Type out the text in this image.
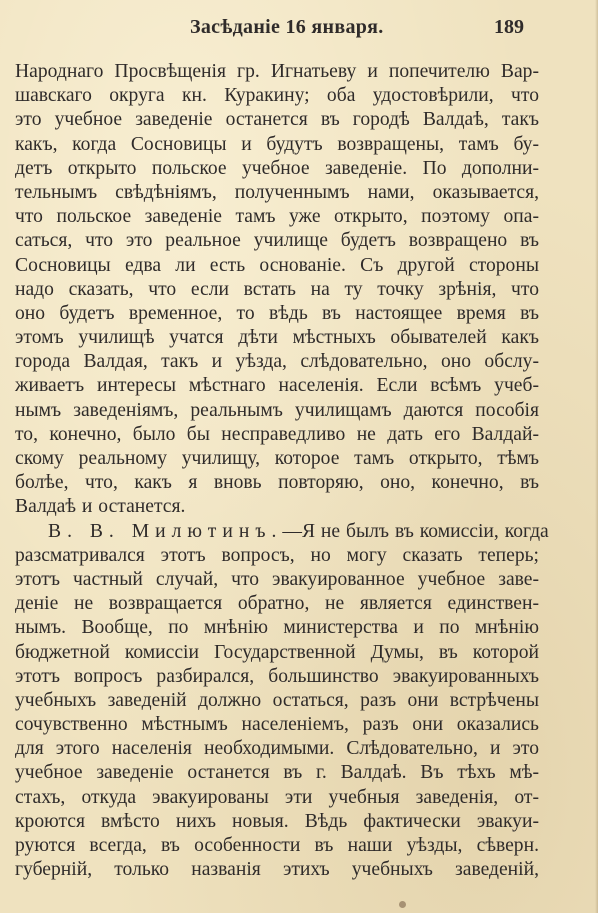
Засѣданіе 16 января.	189
Народнаго Просвѣщенія гр. Игнатьеву и попечителю Вар-
шавскаго округа кн. Куракину; оба удостовѣрили, что
это учебное заведеніе останется въ городѣ Валдаѣ, такъ
какъ, когда Сосновицы и будутъ возвращены, тамъ бу-
детъ открыто польское учебное заведеніе. По дополни-
тельнымъ свѣдѣніямъ, полученнымъ нами, оказывается,
что польское заведеніе тамъ уже открыто, поэтому опа-
саться, что это реальное училище будетъ возвращено въ
Сосновицы едва ли есть основаніе. Съ другой стороны
надо сказать, что если встать на ту точку зрѣнія, что
оно будетъ временное, то вѣдь въ настоящее время въ
этомъ училищѣ учатся дѣти мѣстныхъ обывателей какъ
города Валдая, такъ и уѣзда, слѣдовательно, оно обслу-
живаетъ интересы мѣстнаго населенія. Если всѣмъ учеб-
нымъ заведеніямъ, реальнымъ училищамъ даются пособія
то, конечно, было бы несправедливо не дать его Валдай-
скому реальному училищу, которое тамъ открыто, тѣмъ
болѣе, что, какъ я вновь повторяю, оно, конечно, въ
Валдаѣ и останется.
В. В. Милютинъ.—Я не былъ въ комиссіи, когда
разсматривался этотъ вопросъ, но могу сказать теперь;
этотъ частный случай, что эвакуированное учебное заве-
деніе не возвращается обратно, не является единствен-
нымъ. Вообще, по мнѣнію министерства и по мнѣнію
бюджетной комиссіи Государственной Думы, въ которой
этотъ вопросъ разбирался, большинство эвакуированныхъ
учебныхъ заведеній должно остаться, разъ они встрѣчены
сочувственно мѣстнымъ населеніемъ, разъ они оказались
для этого населенія необходимыми. Слѣдовательно, и это
учебное заведеніе останется въ г. Валдаѣ. Въ тѣхъ мѣ-
стахъ, откуда эвакуированы эти учебныя заведенія, от-
кроются вмѣсто нихъ новыя. Вѣдь фактически эвакуи-
руются всегда, въ особенности въ наши уѣзды, сѣверн.
губерній, только названія этихъ учебныхъ заведеній,
